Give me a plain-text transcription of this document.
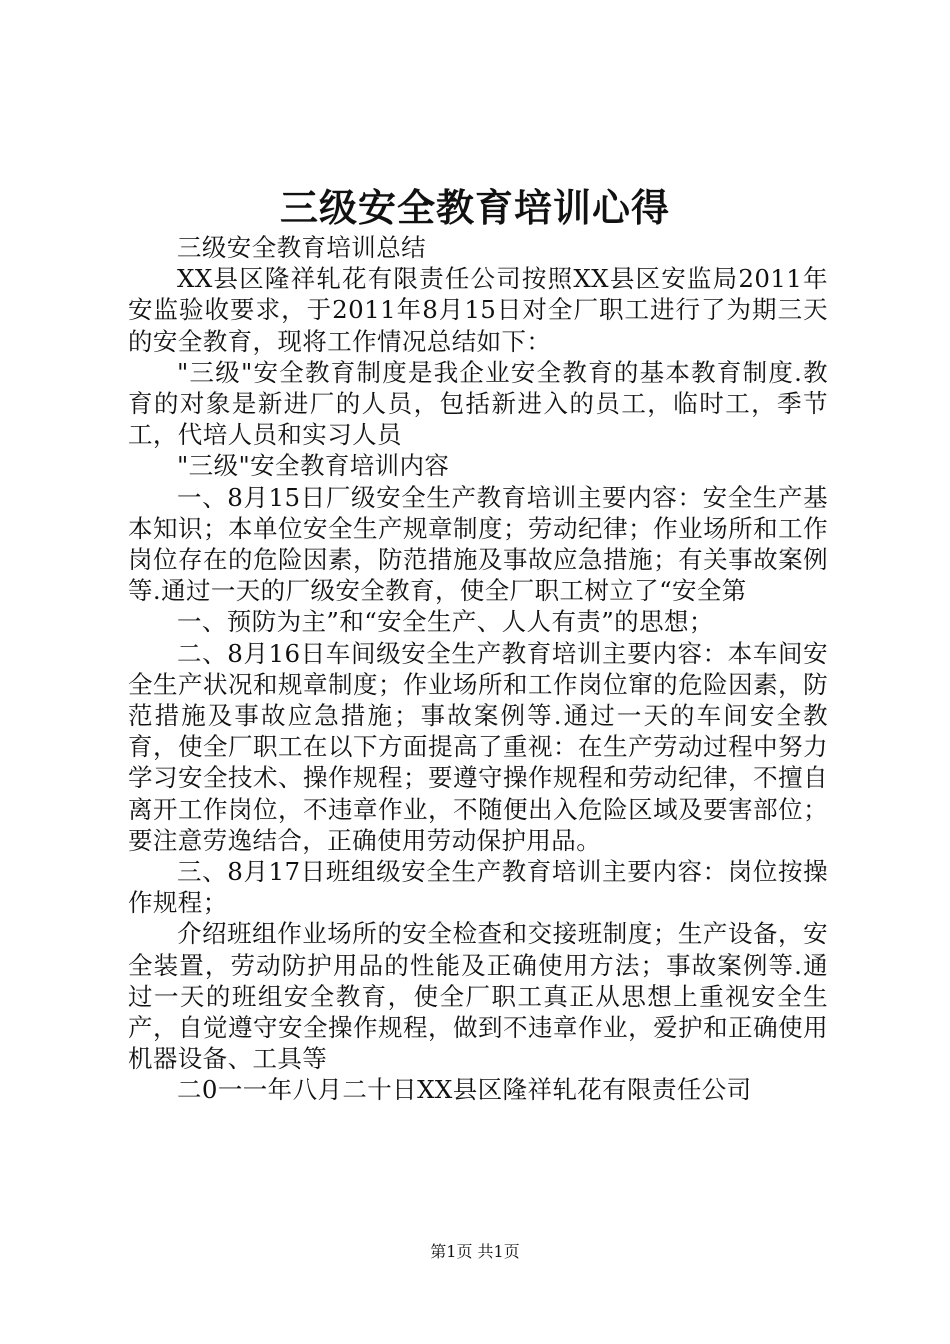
三级安全教育培训心得

三级安全教育培训总结

XX县区隆祥轧花有限责任公司按照XX县区安监局2011年安监验收要求，于2011年8月15日对全厂职工进行了为期三天的安全教育，现将工作情况总结如下：

"三级"安全教育制度是我企业安全教育的基本教育制度.教育的对象是新进厂的人员，包括新进入的员工，临时工，季节工，代培人员和实习人员

"三级"安全教育培训内容

一、8月15日厂级安全生产教育培训主要内容：安全生产基本知识；本单位安全生产规章制度；劳动纪律；作业场所和工作岗位存在的危险因素，防范措施及事故应急措施；有关事故案例等.通过一天的厂级安全教育，使全厂职工树立了“安全第

一、预防为主”和“安全生产、人人有责”的思想；

二、8月16日车间级安全生产教育培训主要内容：本车间安全生产状况和规章制度；作业场所和工作岗位窜的危险因素，防范措施及事故应急措施；事故案例等.通过一天的车间安全教育，使全厂职工在以下方面提高了重视：在生产劳动过程中努力学习安全技术、操作规程；要遵守操作规程和劳动纪律，不擅自离开工作岗位，不违章作业，不随便出入危险区域及要害部位；要注意劳逸结合，正确使用劳动保护用品。

三、8月17日班组级安全生产教育培训主要内容：岗位按操作规程；

介绍班组作业场所的安全检查和交接班制度；生产设备，安全装置，劳动防护用品的性能及正确使用方法；事故案例等.通过一天的班组安全教育，使全厂职工真正从思想上重视安全生产，自觉遵守安全操作规程，做到不违章作业，爱护和正确使用机器设备、工具等

二0一一年八月二十日XX县区隆祥轧花有限责任公司

第1页 共1页
